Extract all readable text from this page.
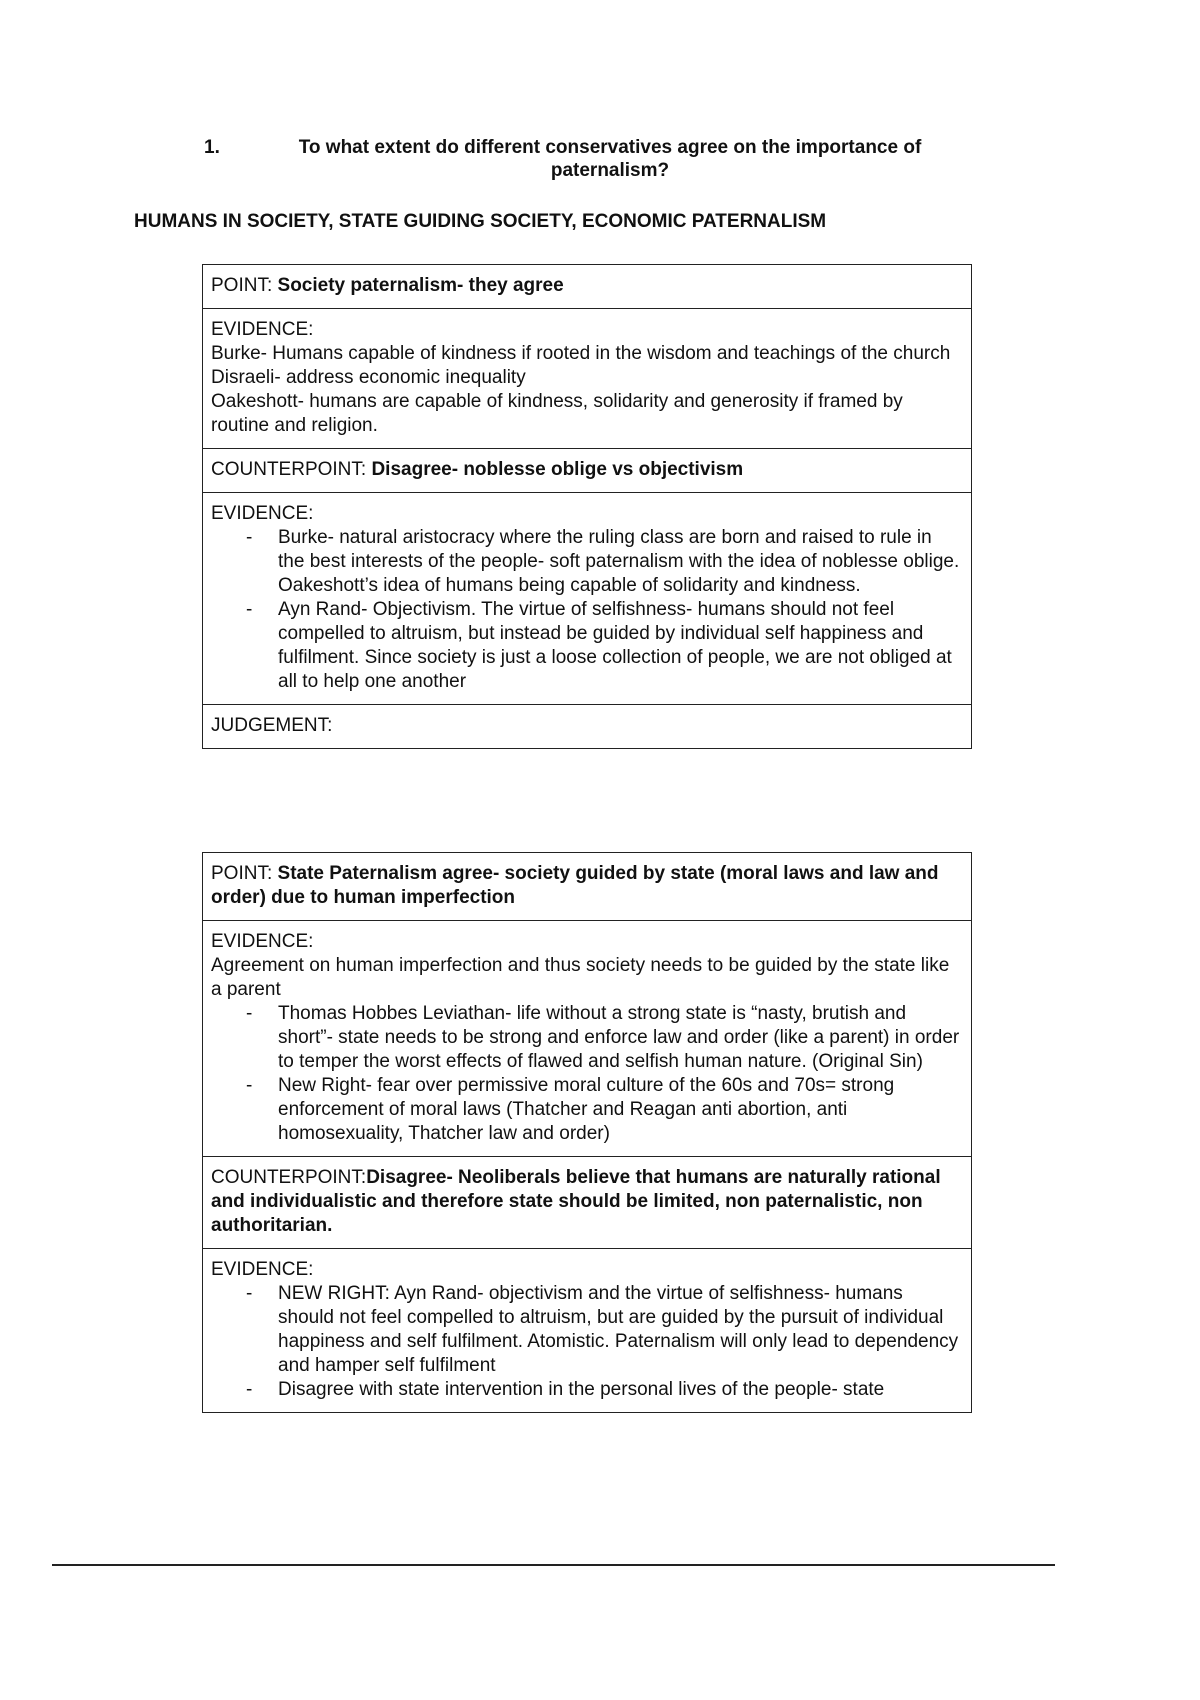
1.	To what extent do different conservatives agree on the importance of paternalism?
HUMANS IN SOCIETY, STATE GUIDING SOCIETY, ECONOMIC PATERNALISM
POINT: Society paternalism- they agree

EVIDENCE:
Burke- Humans capable of kindness if rooted in the wisdom and teachings of the church
Disraeli- address economic inequality
Oakeshott- humans are capable of kindness, solidarity and generosity if framed by routine and religion.

COUNTERPOINT: Disagree- noblesse oblige vs objectivism

EVIDENCE:
- Burke- natural aristocracy where the ruling class are born and raised to rule in the best interests of the people- soft paternalism with the idea of noblesse oblige. Oakeshott’s idea of humans being capable of solidarity and kindness.
- Ayn Rand- Objectivism. The virtue of selfishness- humans should not feel compelled to altruism, but instead be guided by individual self happiness and fulfilment. Since society is just a loose collection of people, we are not obliged at all to help one another

JUDGEMENT:
POINT: State Paternalism agree- society guided by state (moral laws and law and order) due to human imperfection

EVIDENCE:
Agreement on human imperfection and thus society needs to be guided by the state like a parent
- Thomas Hobbes Leviathan- life without a strong state is “nasty, brutish and short”- state needs to be strong and enforce law and order (like a parent) in order to temper the worst effects of flawed and selfish human nature. (Original Sin)
- New Right- fear over permissive moral culture of the 60s and 70s= strong enforcement of moral laws (Thatcher and Reagan anti abortion, anti homosexuality, Thatcher law and order)

COUNTERPOINT:Disagree- Neoliberals believe that humans are naturally rational and individualistic and therefore state should be limited, non paternalistic, non authoritarian.

EVIDENCE:
- NEW RIGHT: Ayn Rand- objectivism and the virtue of selfishness- humans should not feel compelled to altruism, but are guided by the pursuit of individual happiness and self fulfilment. Atomistic. Paternalism will only lead to dependency and hamper self fulfilment
- Disagree with state intervention in the personal lives of the people- state
